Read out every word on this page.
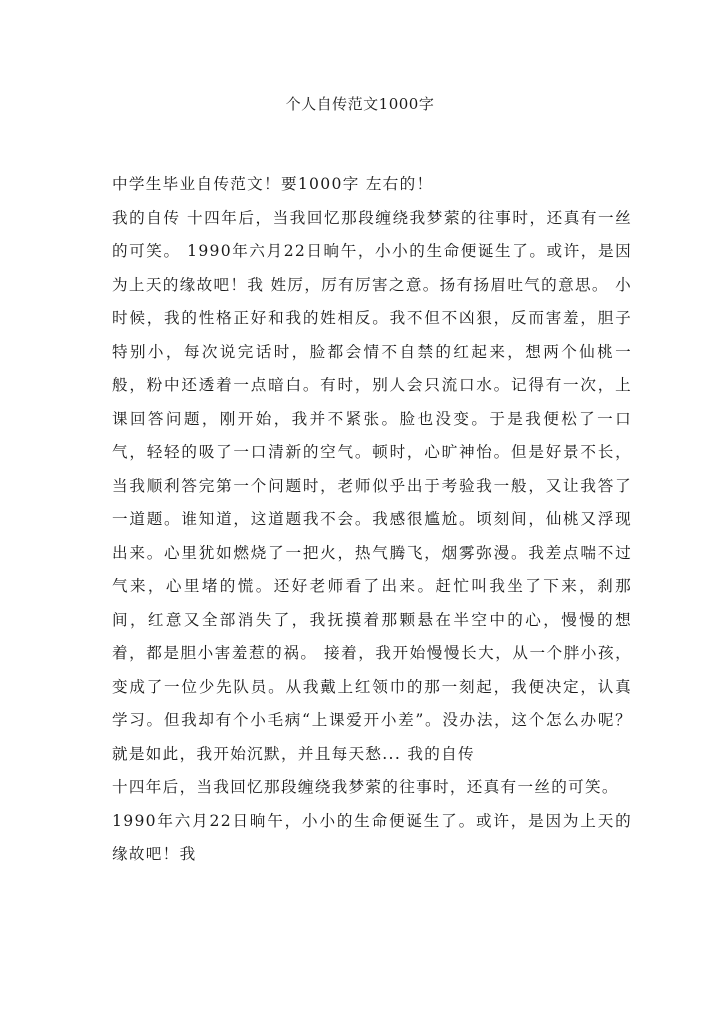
个人自传范文1000字

中学生毕业自传范文！要1000字 左右的！

我的自传 十四年后，当我回忆那段缠绕我梦萦的往事时，还真有一丝的可笑。 1990年六月22日晌午，小小的生命便诞生了。或许，是因为上天的缘故吧！我 姓厉，厉有厉害之意。扬有扬眉吐气的意思。 小时候，我的性格正好和我的姓相反。我不但不凶狠，反而害羞，胆子特别小，每次说完话时，脸都会情不自禁的红起来，想两个仙桃一般，粉中还透着一点暗白。有时，别人会只流口水。记得有一次，上课回答问题，刚开始，我并不紧张。脸也没变。于是我便松了一口气，轻轻的吸了一口清新的空气。顿时，心旷神怡。但是好景不长，当我顺利答完第一个问题时，老师似乎出于考验我一般，又让我答了一道题。谁知道，这道题我不会。我感很尴尬。顷刻间，仙桃又浮现出来。心里犹如燃烧了一把火，热气腾飞，烟雾弥漫。我差点喘不过气来，心里堵的慌。还好老师看了出来。赶忙叫我坐了下来，刹那间，红意又全部消失了，我抚摸着那颗悬在半空中的心，慢慢的想着，都是胆小害羞惹的祸。 接着，我开始慢慢长大，从一个胖小孩，变成了一位少先队员。从我戴上红领巾的那一刻起，我便决定，认真学习。但我却有个小毛病“上课爱开小差”。没办法，这个怎么办呢？就是如此，我开始沉默，并且每天愁... 我的自传

十四年后，当我回忆那段缠绕我梦萦的往事时，还真有一丝的可笑。

1990年六月22日晌午，小小的生命便诞生了。或许，是因为上天的缘故吧！我
